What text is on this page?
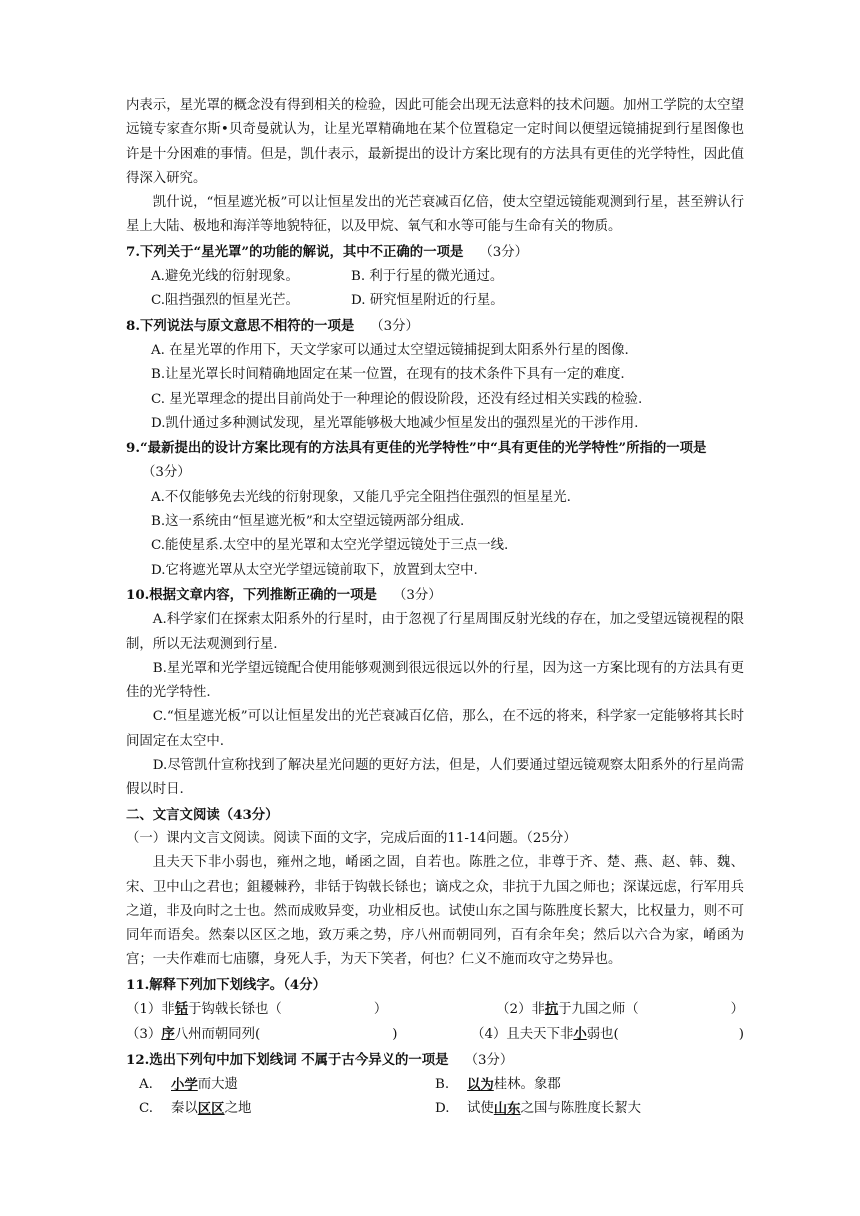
内表示，星光罩的概念没有得到相关的检验，因此可能会出现无法意料的技术问题。加州工学院的太空望远镜专家查尔斯•贝奇曼就认为，让星光罩精确地在某个位置稳定一定时间以便望远镜捕捉到行星图像也许是十分困难的事情。但是，凯什表示，最新提出的设计方案比现有的方法具有更佳的光学特性，因此值得深入研究。

凯什说，“恒星遮光板”可以让恒星发出的光芒衰减百亿倍，使太空望远镜能观测到行星，甚至辨认行星上大陆、极地和海洋等地貌特征，以及甲烷、氧气和水等可能与生命有关的物质。

7.下列关于“星光罩”的功能的解说，其中不正确的一项是 （3分）

A.避免光线的衍射现象。	B. 利于行星的微光通过。
C.阻挡强烈的恒星光芒。	D. 研究恒星附近的行星。

8.下列说法与原文意思不相符的一项是 （3分）

A. 在星光罩的作用下，天文学家可以通过太空望远镜捕捉到太阳系外行星的图像.

B.让星光罩长时间精确地固定在某一位置，在现有的技术条件下具有一定的难度.

C. 星光罩理念的提出目前尚处于一种理论的假设阶段，还没有经过相关实践的检验.

D.凯什通过多种测试发现，星光罩能够极大地减少恒星发出的强烈星光的干涉作用.

9.“最新提出的设计方案比现有的方法具有更佳的光学特性”中“具有更佳的光学特性”所指的一项是（3分）

A.不仅能够免去光线的衍射现象，又能几乎完全阻挡住强烈的恒星星光.

B.这一系统由“恒星遮光板”和太空望远镜两部分组成.

C.能使星系.太空中的星光罩和太空光学望远镜处于三点一线.

D.它将遮光罩从太空光学望远镜前取下，放置到太空中.

10.根据文章内容，下列推断正确的一项是 （3分）

A.科学家们在探索太阳系外的行星时，由于忽视了行星周围反射光线的存在，加之受望远镜视程的限制，所以无法观测到行星.

B.星光罩和光学望远镜配合使用能够观测到很远很远以外的行星，因为这一方案比现有的方法具有更佳的光学特性.

C.“恒星遮光板”可以让恒星发出的光芒衰减百亿倍，那么，在不远的将来，科学家一定能够将其长时间固定在太空中.

D.尽管凯什宣称找到了解决星光问题的更好方法，但是，人们要通过望远镜观察太阳系外的行星尚需假以时日.

二、文言文阅读（43分）

（一）课内文言文阅读。阅读下面的文字，完成后面的11-14问题。（25分）

且夫天下非小弱也，雍州之地，崤函之固，自若也。陈胜之位，非尊于齐、楚、燕、赵、韩、魏、宋、卫中山之君也；鉏耰棘矜，非铦于钩戟长铩也；谪戍之众，非抗于九国之师也；深谋远虑，行军用兵之道，非及向时之士也。然而成败异变，功业相反也。试使山东之国与陈胜度长絜大，比权量力，则不可同年而语矣。然秦以区区之地，致万乘之势，序八州而朝同列，百有余年矣；然后以六合为家，崤函为宫；一夫作难而七庙隳，身死人手，为天下笑者，何也？仁义不施而攻守之势异也。

11.解释下列加下划线字。（4分）

（1）非铦于钩戟长铩也（	）	（2）非抗于九国之师（	）
（3）序八州而朝同列(	)	（4）且夫天下非小弱也(	)

12.选出下列句中加下划线词 不属于古今异义的一项是 （3分）

A.	小学 而大遗	B.	以为 桂林。象郡
C.	秦以 区区 之地	D.	试使 山东 之国与陈胜度长絜大
